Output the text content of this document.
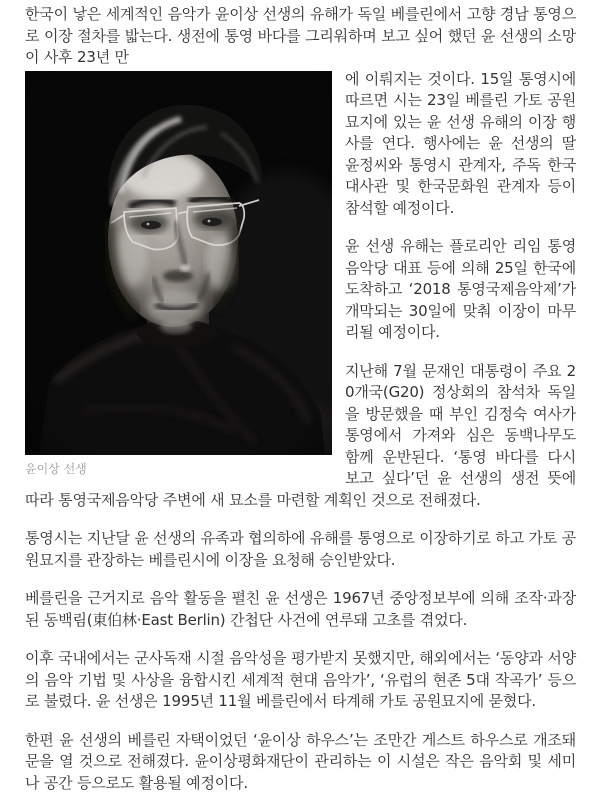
한국이 낳은 세계적인 음악가 윤이상 선생의 유해가 독일 베를린에서 고향 경남 통영으로 이장 절차를 밟는다. 생전에 통영 바다를 그리워하며 보고 싶어 했던 윤 선생의 소망이 사후 23년 만

윤이상 선생

에 이뤄지는 것이다. 15일 통영시에 따르면 시는 23일 베를린 가토 공원묘지에 있는 윤 선생 유해의 이장 행사를 연다. 행사에는 윤 선생의 딸 윤정씨와 통영시 관계자, 주독 한국대사관 및 한국문화원 관계자 등이 참석할 예정이다.

윤 선생 유해는 플로리안 리임 통영음악당 대표 등에 의해 25일 한국에 도착하고 ‘2018 통영국제음악제’가 개막되는 30일에 맞춰 이장이 마무리될 예정이다.

지난해 7월 문재인 대통령이 주요 20개국(G20) 정상회의 참석차 독일을 방문했을 때 부인 김정숙 여사가 통영에서 가져와 심은 동백나무도 함께 운반된다. ‘통영 바다를 다시 보고 싶다’던 윤 선생의 생전 뜻에 따라 통영국제음악당 주변에 새 묘소를 마련할 계획인 것으로 전해졌다.

통영시는 지난달 윤 선생의 유족과 협의하에 유해를 통영으로 이장하기로 하고 가토 공원묘지를 관장하는 베를린시에 이장을 요청해 승인받았다.

베를린을 근거지로 음악 활동을 펼친 윤 선생은 1967년 중앙정보부에 의해 조작·과장된 동백림(東伯林·East Berlin) 간첩단 사건에 연루돼 고초를 겪었다.

이후 국내에서는 군사독재 시절 음악성을 평가받지 못했지만, 해외에서는 ‘동양과 서양의 음악 기법 및 사상을 융합시킨 세계적 현대 음악가’, ‘유럽의 현존 5대 작곡가’ 등으로 불렸다. 윤 선생은 1995년 11월 베를린에서 타계해 가토 공원묘지에 묻혔다.

한편 윤 선생의 베를린 자택이었던 ‘윤이상 하우스’는 조만간 게스트 하우스로 개조돼 문을 열 것으로 전해졌다. 윤이상평화재단이 관리하는 이 시설은 작은 음악회 및 세미나 공간 등으로도 활용될 예정이다.
